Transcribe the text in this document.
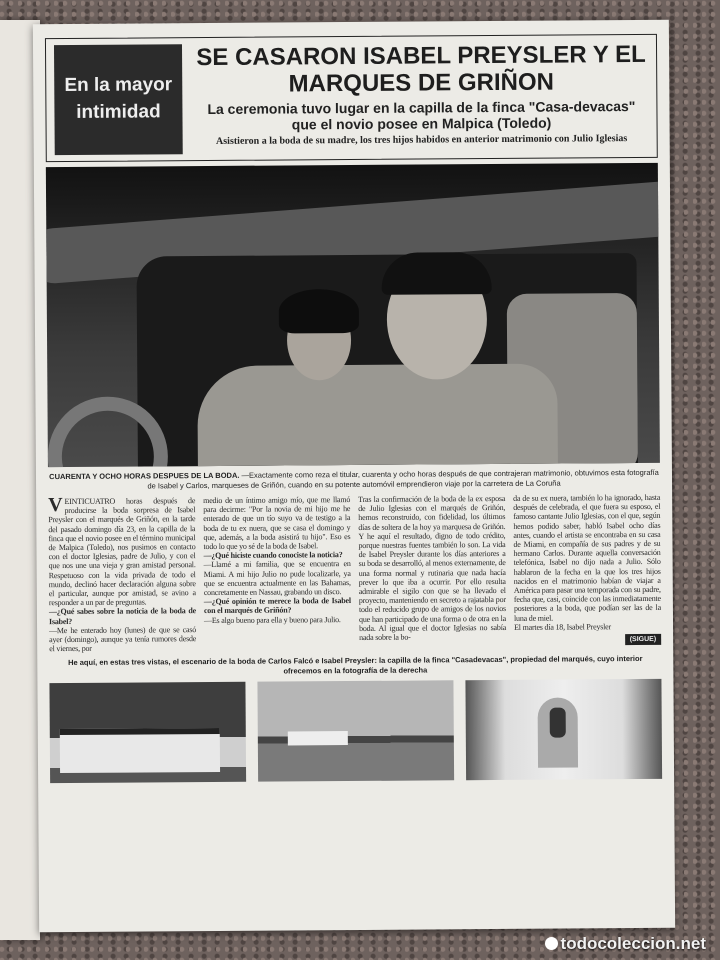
En la mayor intimidad
SE CASARON ISABEL PREYSLER Y EL MARQUES DE GRIÑON
La ceremonia tuvo lugar en la capilla de la finca "Casa-devacas" que el novio posee en Malpica (Toledo)
Asistieron a la boda de su madre, los tres hijos habidos en anterior matrimonio con Julio Iglesias
CUARENTA Y OCHO HORAS DESPUES DE LA BODA. —Exactamente como reza el titular, cuarenta y ocho horas después de que contrajeran matrimonio, obtuvimos esta fotografía de Isabel y Carlos, marqueses de Griñón, cuando en su potente automóvil emprendieron viaje por la carretera de La Coruña
VEINTICUATRO horas después de producirse la boda sorpresa de Isabel Preysler con el marqués de Griñón, en la tarde del pasado domingo día 23, en la capilla de la finca que el novio posee en el término municipal de Malpica (Toledo), nos pusimos en contacto con el doctor Iglesias, padre de Julio, y con el que nos une una vieja y gran amistad personal. Respetuoso con la vida privada de todo el mundo, declinó hacer declaración alguna sobre el particular, aunque por amistad, se avino a responder a un par de preguntas.
—¿Qué sabes sobre la noticia de la boda de Isabel?
—Me he enterado hoy (lunes) de que se casó ayer (domingo), aunque ya tenía rumores desde el viernes, por
medio de un íntimo amigo mío, que me llamó para decirme: "Por la novia de mi hijo me he enterado de que un tío suyo va de testigo a la boda de tu ex nuera, que se casa el domingo y que, además, a la boda asistirá tu hijo". Eso es todo lo que yo sé de la boda de Isabel.
—¿Qué hiciste cuando conociste la noticia?
—Llamé a mi familia, que se encuentra en Miami. A mi hijo Julio no pude localizarle, ya que se encuentra actualmente en las Bahamas, concretamente en Nassau, grabando un disco.
—¿Qué opinión te merece la boda de Isabel con el marqués de Griñón?
—Es algo bueno para ella y bueno para Julio.
Tras la confirmación de la boda de la ex esposa de Julio Iglesias con el marqués de Griñón, hemos reconstruido, con fidelidad, los últimos días de soltera de la hoy ya marquesa de Griñón. Y he aquí el resultado, digno de todo crédito, porque nuestras fuentes también lo son. La vida de Isabel Preysler durante los días anteriores a su boda se desarrolló, al menos externamente, de una forma normal y rutinaria que nada hacía prever lo que iba a ocurrir. Por ello resulta admirable el sigilo con que se ha llevado el proyecto, manteniendo en secreto a rajatabla por todo el reducido grupo de amigos de los novios que han participado de una forma o de otra en la boda. Al igual que el doctor Iglesias no sabía nada sobre la bo-
da de su ex nuera, también lo ha ignorado, hasta después de celebrada, el que fuera su esposo, el famoso cantante Julio Iglesias, con el que, según hemos podido saber, habló Isabel ocho días antes, cuando el artista se encontraba en su casa de Miami, en compañía de sus padres y de su hermano Carlos. Durante aquella conversación telefónica, Isabel no dijo nada a Julio. Sólo hablaron de la fecha en la que los tres hijos nacidos en el matrimonio habían de viajar a América para pasar una temporada con su padre, fecha que, casi, coincide con las inmediatamente posteriores a la boda, que podían ser las de la luna de miel.
El martes día 18, Isabel Preysler

(SIGUE)
He aquí, en estas tres vistas, el escenario de la boda de Carlos Falcó e Isabel Preysler: la capilla de la finca "Casadevacas", propiedad del marqués, cuyo interior ofrecemos en la fotografía de la derecha
todocoleccion.net
